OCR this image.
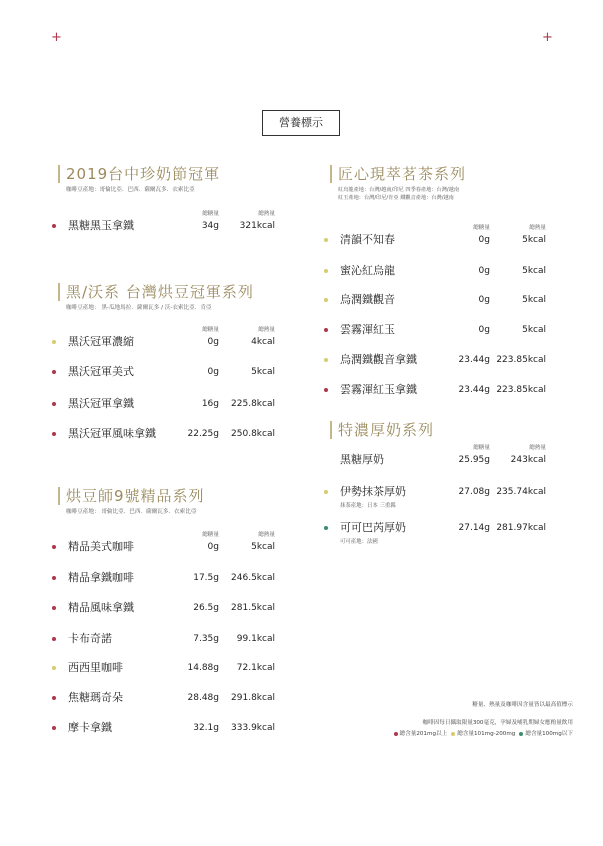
+	+
營養標示
2019台中珍奶節冠軍
咖啡豆產地：哥倫比亞．巴西．薩爾瓦多．衣索比亞
總糖量	總熱量
黑糖黑玉拿鐵	34g 321kcal
黑/沃系 台灣烘豆冠軍系列
咖啡豆產地： 黑-瓜地馬拉．薩爾瓦多 / 沃-衣索比亞．肯亞
總糖量	總熱量
黑沃冠軍濃縮	0g	4kcal
黑沃冠軍美式	0g	5kcal
黑沃冠軍拿鐵	16g 225.8kcal
黑沃冠軍風味拿鐵	22.25g 250.8kcal
烘豆師9號精品系列
咖啡豆產地： 哥倫比亞．巴西．薩爾瓦多．衣索比亞
總糖量	總熱量
精品美式咖啡	0g	5kcal
精品拿鐵咖啡	17.5g 246.5kcal
精品風味拿鐵	26.5g 281.5kcal
卡布奇諾	7.35g 99.1kcal
西西里咖啡	14.88g 72.1kcal
焦糖瑪奇朵	28.48g 291.8kcal
摩卡拿鐵	32.1g 333.9kcal
匠心現萃茗茶系列
紅烏龍產地：台灣/越南/印尼 四季春產地：台灣/越南
紅玉產地：台灣/印尼/肯亞 鐵觀音產地：台灣/越南
總糖量	總熱量
清韻不知春	0g	5kcal
蜜沁紅烏龍	0g	5kcal
烏潤鐵觀音	0g	5kcal
雲霧渾紅玉	0g	5kcal
烏潤鐵觀音拿鐵	23.44g 223.85kcal
雲霧渾紅玉拿鐵	23.44g 223.85kcal
特濃厚奶系列
總糖量	總熱量
黑糖厚奶	25.95g 243kcal
伊勢抹茶厚奶	27.08g 235.74kcal
抹茶產地：日本 三重縣
可可巴芮厚奶	27.14g 281.97kcal
可可產地：法國
糖量、熱量及咖啡因含量皆以最高值標示
咖啡因每日攝取限量300毫克，孕婦及哺乳期婦女應酌量飲用
總含量201mg以上 總含量101mg-200mg 總含量100mg以下
